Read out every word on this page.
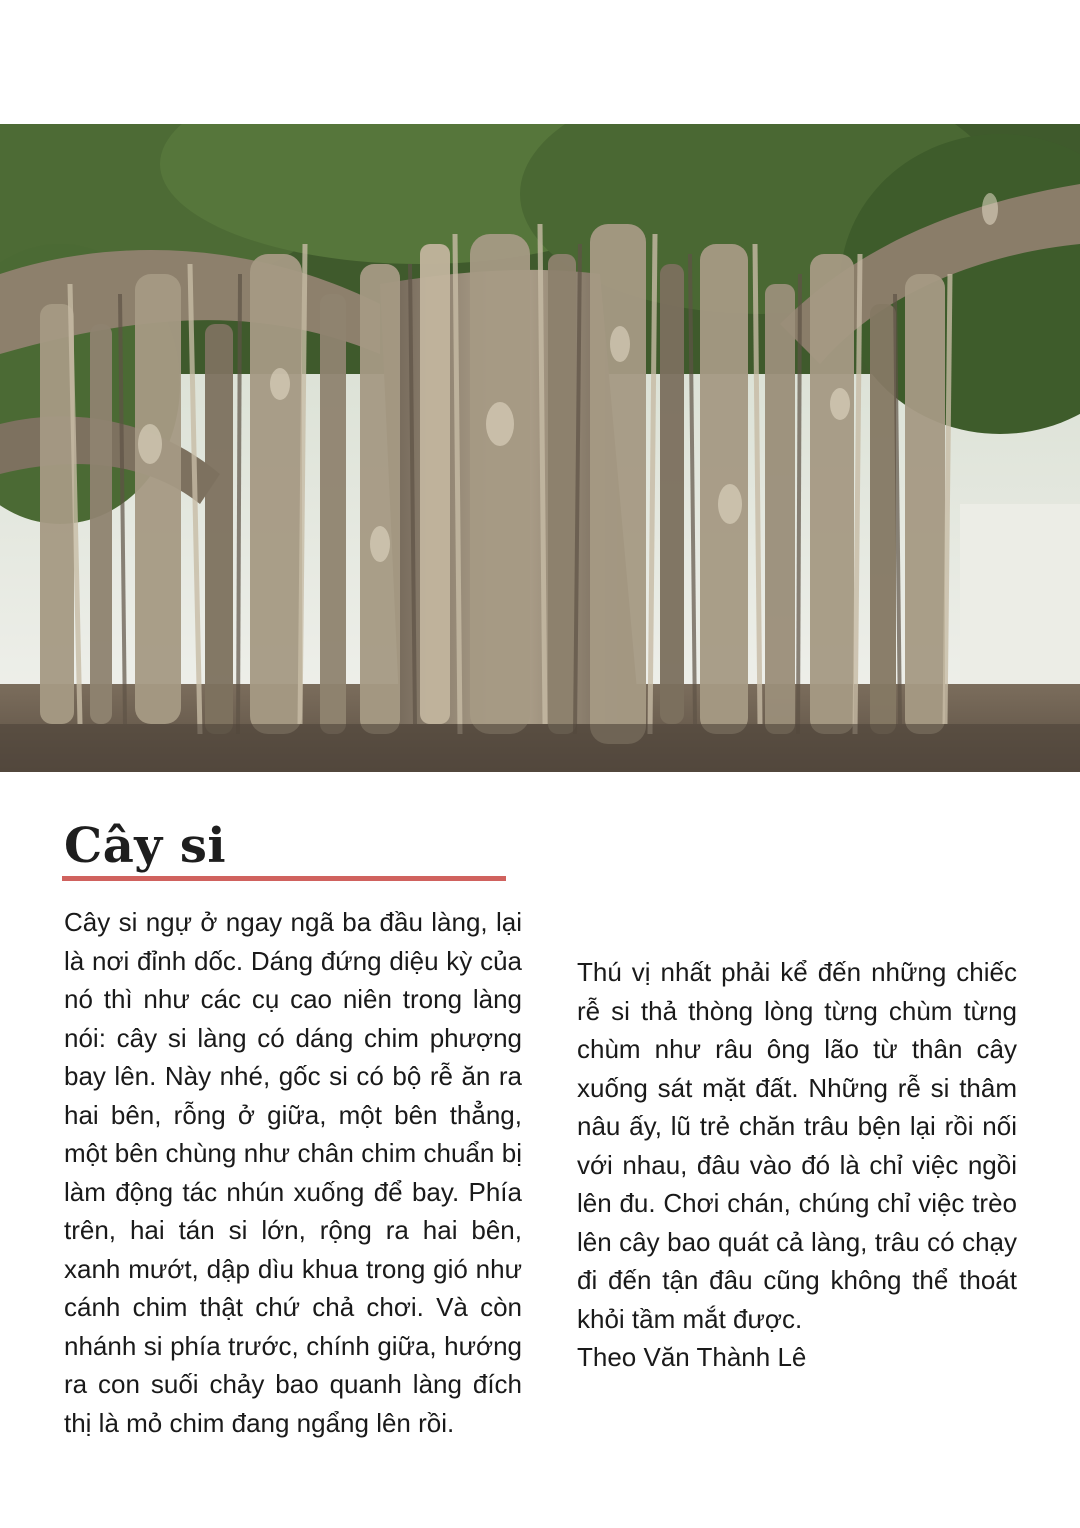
Cây si

Cây si ngự ở ngay ngã ba đầu làng, lại là nơi đỉnh dốc. Dáng đứng diệu kỳ của nó thì như các cụ cao niên trong làng nói: cây si làng có dáng chim phượng bay lên. Này nhé, gốc si có bộ rễ ăn ra hai bên, rỗng ở giữa, một bên thẳng, một bên chùng như chân chim chuẩn bị làm động tác nhún xuống để bay. Phía trên, hai tán si lớn, rộng ra hai bên, xanh mướt, dập dìu khua trong gió như cánh chim thật chứ chả chơi. Và còn nhánh si phía trước, chính giữa, hướng ra con suối chảy bao quanh làng đích thị là mỏ chim đang ngẩng lên rồi.

Thú vị nhất phải kể đến những chiếc rễ si thả thòng lòng từng chùm từng chùm như râu ông lão từ thân cây xuống sát mặt đất. Những rễ si thâm nâu ấy, lũ trẻ chăn trâu bện lại rồi nối với nhau, đâu vào đó là chỉ việc ngồi lên đu. Chơi chán, chúng chỉ việc trèo lên cây bao quát cả làng, trâu có chạy đi đến tận đâu cũng không thể thoát khỏi tầm mắt được.

Theo Văn Thành Lê
